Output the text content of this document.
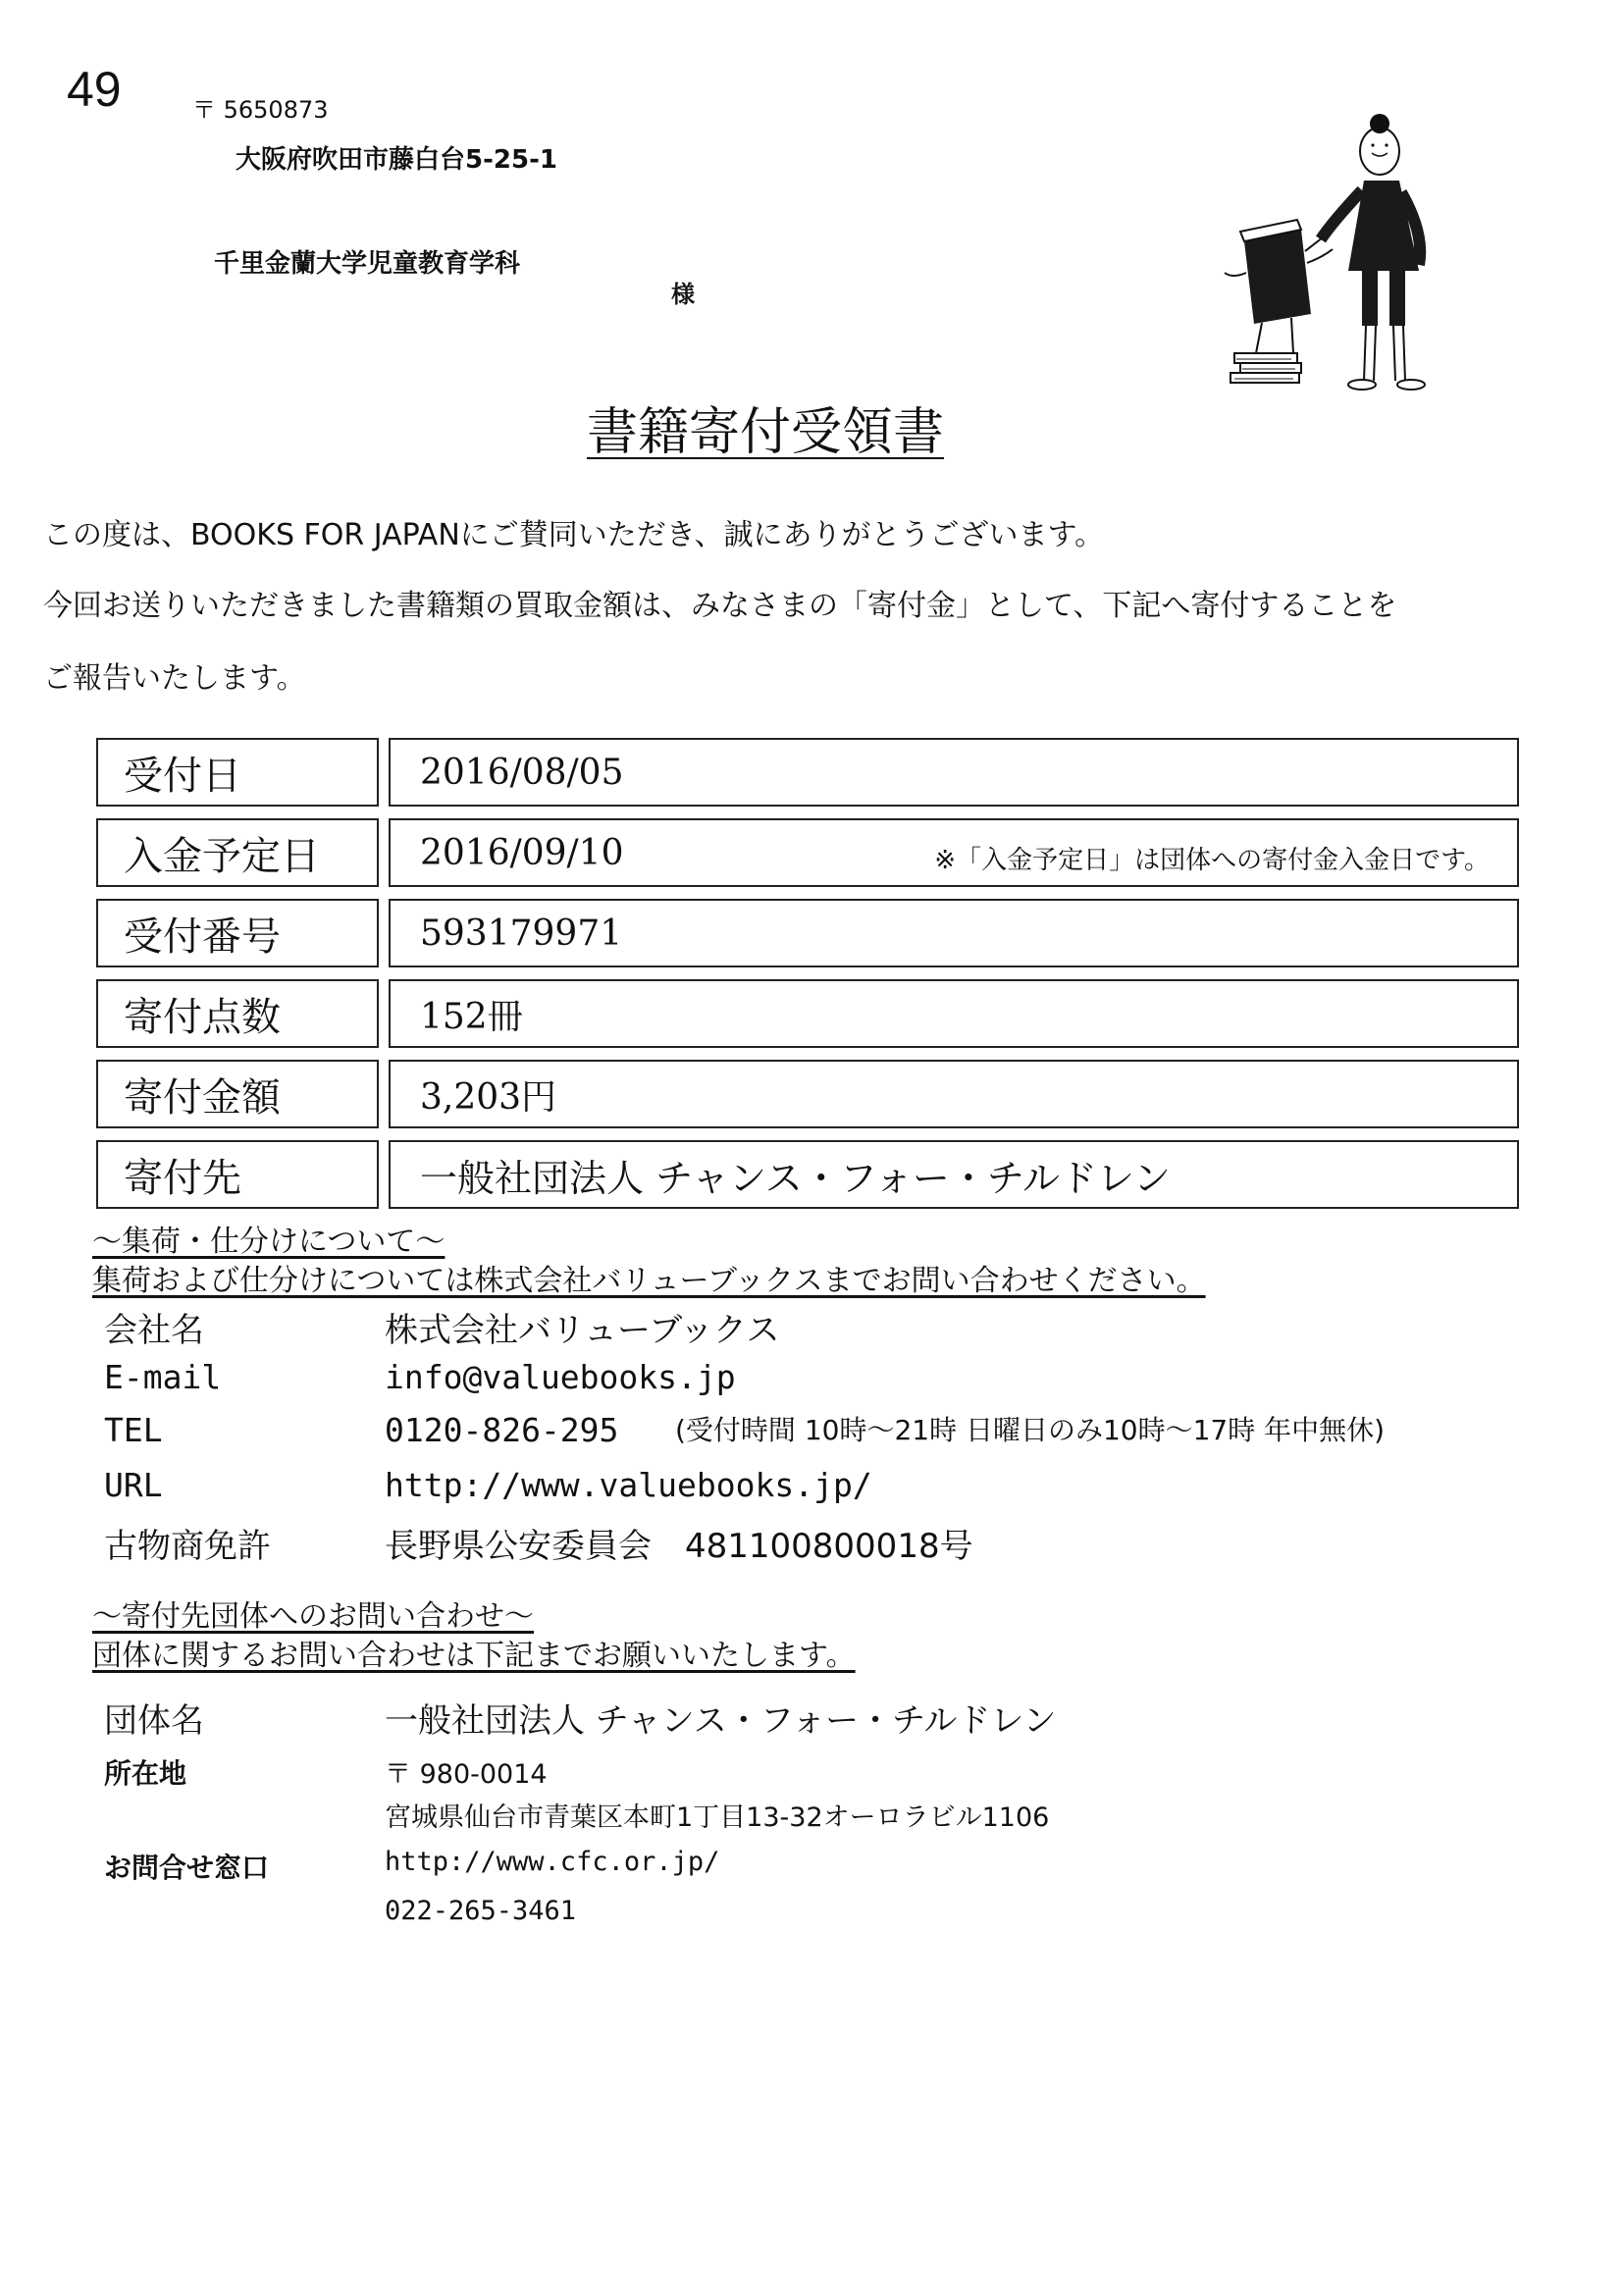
49	〒 5650873
大阪府吹田市藤白台5-25-1
千里金蘭大学児童教育学科
様
書籍寄付受領書
この度は、BOOKS FOR JAPANにご賛同いただき、誠にありがとうございます。
今回お送りいただきました書籍類の買取金額は、みなさまの「寄付金」として、下記へ寄付することを
ご報告いたします。
受付日	2016/08/05
入金予定日	2016/09/10	※「入金予定日」は団体への寄付金入金日です。
受付番号	593179971
寄付点数	152冊
寄付金額	3,203円
寄付先	一般社団法人 チャンス・フォー・チルドレン
～集荷・仕分けについて～
集荷および仕分けについては株式会社バリューブックスまでお問い合わせください。
会社名	株式会社バリューブックス
E-mail	info@valuebooks.jp
TEL	0120-826-295 (受付時間 10時～21時 日曜日のみ10時～17時 年中無休)
URL	http://www.valuebooks.jp/
古物商免許	長野県公安委員会　481100800018号
～寄付先団体へのお問い合わせ～
団体に関するお問い合わせは下記までお願いいたします。
団体名	一般社団法人 チャンス・フォー・チルドレン
所在地	〒 980-0014
宮城県仙台市青葉区本町1丁目13-32オーロラビル1106
お問合せ窓口	http://www.cfc.or.jp/
022-265-3461
